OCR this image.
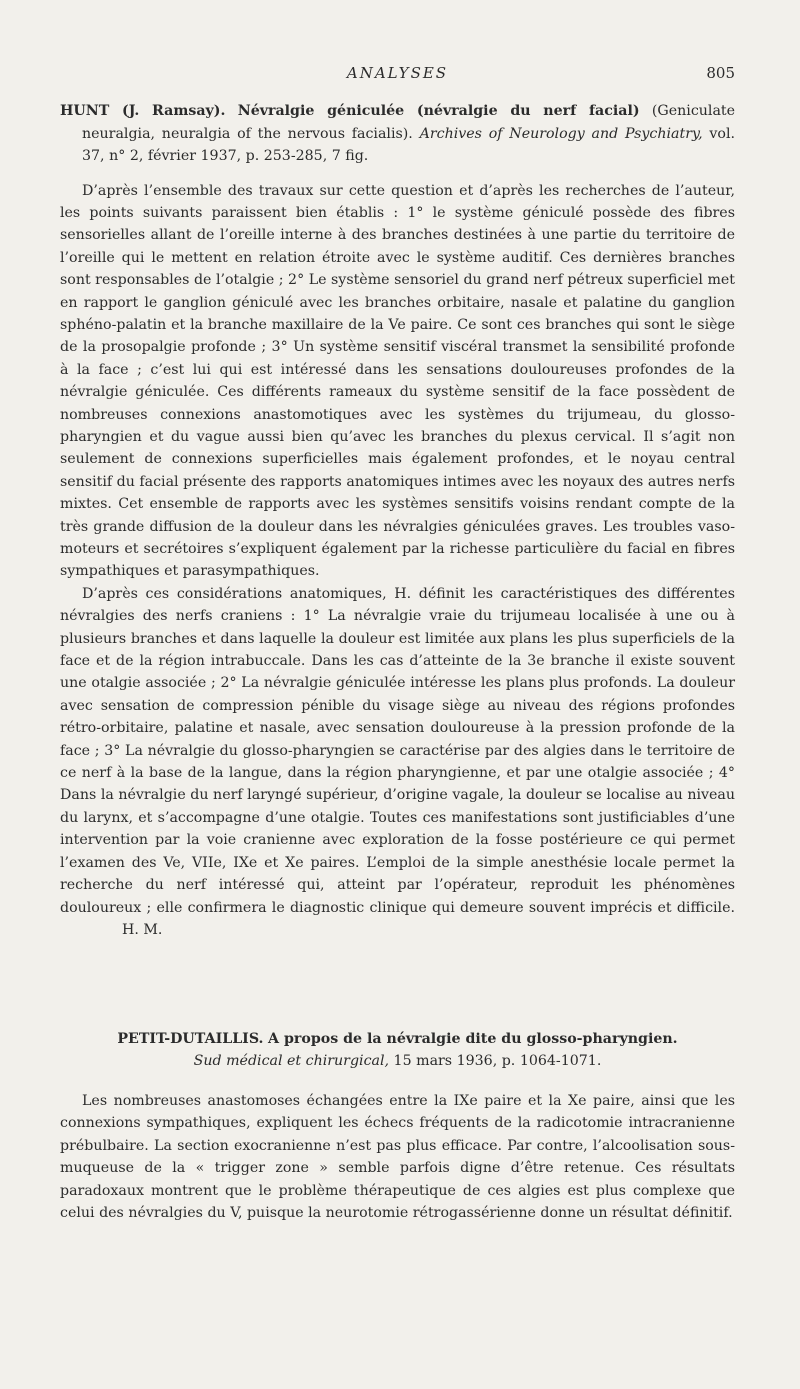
ANALYSES	805

HUNT (J. Ramsay). Névralgie géniculée (névralgie du nerf facial) (Geniculate neuralgia, neuralgia of the nervous facialis). Archives of Neurology and Psychiatry, vol. 37, n° 2, février 1937, p. 253-285, 7 fig.

D’après l’ensemble des travaux sur cette question et d’après les recherches de l’auteur, les points suivants paraissent bien établis : 1° le système géniculé possède des fibres sensorielles allant de l’oreille interne à des branches destinées à une partie du territoire de l’oreille qui le mettent en relation étroite avec le système auditif. Ces dernières branches sont responsables de l’otalgie ; 2° Le système sensoriel du grand nerf pétreux superficiel met en rapport le ganglion géniculé avec les branches orbitaire, nasale et palatine du ganglion sphéno-palatin et la branche maxillaire de la Ve paire. Ce sont ces branches qui sont le siège de la prosopalgie profonde ; 3° Un système sensitif viscéral transmet la sensibilité profonde à la face ; c’est lui qui est intéressé dans les sensations douloureuses profondes de la névralgie géniculée. Ces différents rameaux du système sensitif de la face possèdent de nombreuses connexions anastomotiques avec les systèmes du trijumeau, du glosso-pharyngien et du vague aussi bien qu’avec les branches du plexus cervical. Il s’agit non seulement de connexions superficielles mais également profondes, et le noyau central sensitif du facial présente des rapports anatomiques intimes avec les noyaux des autres nerfs mixtes. Cet ensemble de rapports avec les systèmes sensitifs voisins rendant compte de la très grande diffusion de la douleur dans les névralgies géniculées graves. Les troubles vaso-moteurs et secrétoires s’expliquent également par la richesse particulière du facial en fibres sympathiques et parasympathiques.

D’après ces considérations anatomiques, H. définit les caractéristiques des différentes névralgies des nerfs craniens : 1° La névralgie vraie du trijumeau localisée à une ou à plusieurs branches et dans laquelle la douleur est limitée aux plans les plus superficiels de la face et de la région intrabuccale. Dans les cas d’atteinte de la 3e branche il existe souvent une otalgie associée ; 2° La névralgie géniculée intéresse les plans plus profonds. La douleur avec sensation de compression pénible du visage siège au niveau des régions profondes rétro-orbitaire, palatine et nasale, avec sensation douloureuse à la pression profonde de la face ; 3° La névralgie du glosso-pharyngien se caractérise par des algies dans le territoire de ce nerf à la base de la langue, dans la région pharyngienne, et par une otalgie associée ; 4° Dans la névralgie du nerf laryngé supérieur, d’origine vagale, la douleur se localise au niveau du larynx, et s’accompagne d’une otalgie. Toutes ces manifestations sont justificiables d’une intervention par la voie cranienne avec exploration de la fosse postérieure ce qui permet l’examen des Ve, VIIe, IXe et Xe paires. L’emploi de la simple anesthésie locale permet la recherche du nerf intéressé qui, atteint par l’opérateur, reproduit les phénomènes douloureux ; elle confirmera le diagnostic clinique qui demeure souvent imprécis et difficile.H. M.

PETIT-DUTAILLIS. A propos de la névralgie dite du glosso-pharyngien.

Sud médical et chirurgical, 15 mars 1936, p. 1064-1071.

Les nombreuses anastomoses échangées entre la IXe paire et la Xe paire, ainsi que les connexions sympathiques, expliquent les échecs fréquents de la radicotomie intracranienne prébulbaire. La section exocranienne n’est pas plus efficace. Par contre, l’alcoolisation sous-muqueuse de la « trigger zone » semble parfois digne d’être retenue. Ces résultats paradoxaux montrent que le problème thérapeutique de ces algies est plus complexe que celui des névralgies du V, puisque la neurotomie rétrogassérienne donne un résultat définitif.
